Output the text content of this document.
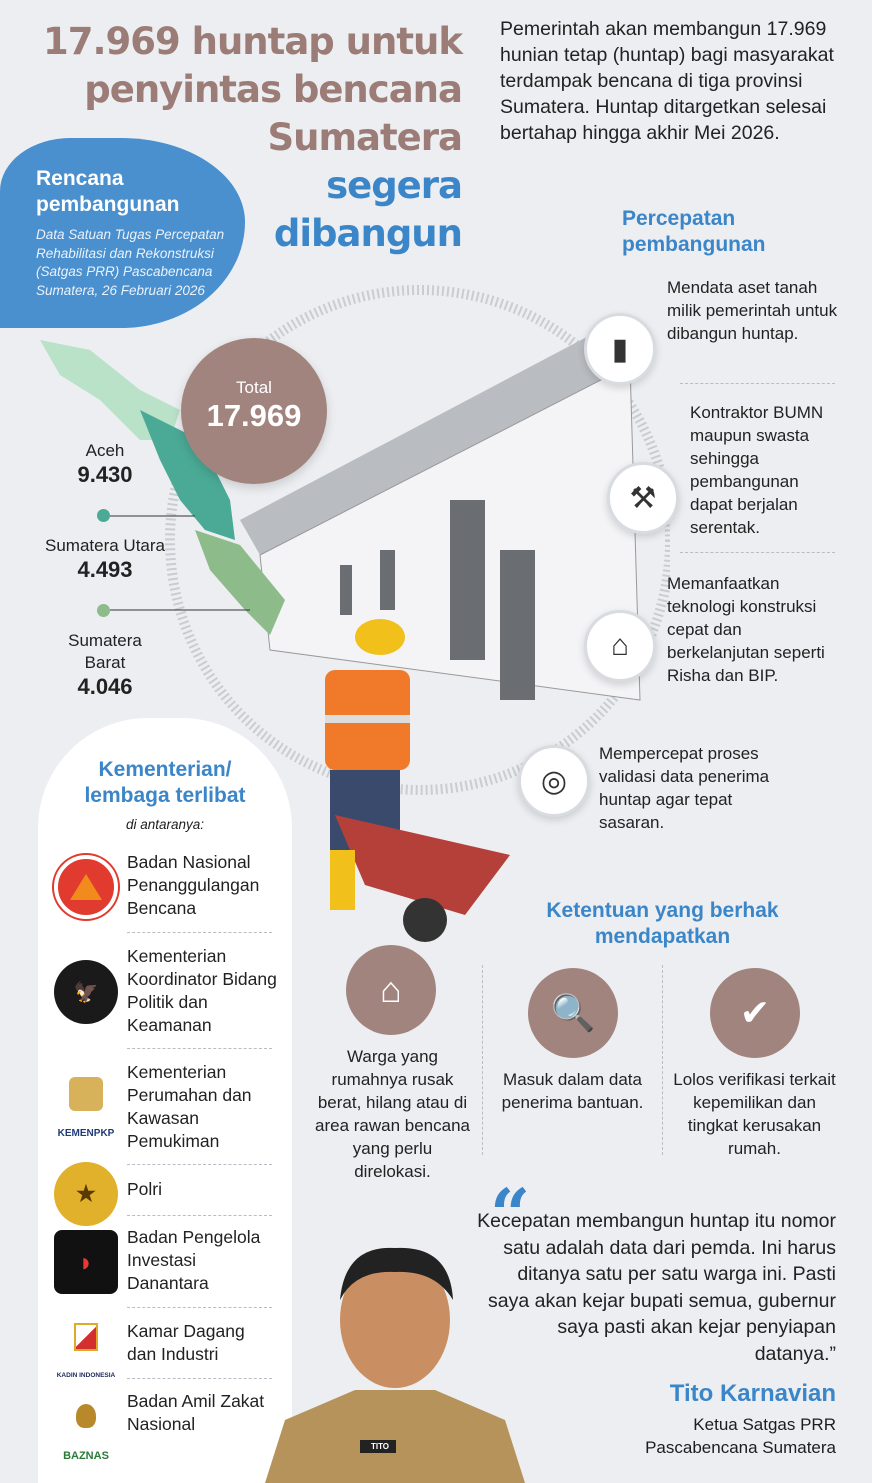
17.969 huntap untuk
penyintas bencana
Sumatera
segera
dibangun
Pemerintah akan membangun 17.969 hunian tetap (huntap) bagi masyarakat terdampak bencana di tiga provinsi Sumatera. Huntap ditargetkan selesai bertahap hingga akhir Mei 2026.
Rencana pembangunan
Data Satuan Tugas Percepatan Rehabilitasi dan Rekonstruksi (Satgas PRR) Pascabencana Sumatera, 26 Februari 2026
Total
17.969
Aceh
9.430
Sumatera Utara
4.493
Sumatera Barat
4.046
Percepatan pembangunan
▮
Mendata aset tanah milik pemerintah untuk dibangun huntap.
⚒
Kontraktor BUMN maupun swasta sehingga pembangunan dapat berjalan serentak.
⌂
Memanfaatkan teknologi konstruksi cepat dan berkelanjutan seperti Risha dan BIP.
◎
Mempercepat proses validasi data penerima huntap agar tepat sasaran.
Kementerian/ lembaga terlibat
di antaranya:
Badan Nasional Penanggulangan Bencana
🦅
Kementerian Koordinator Bidang Politik dan Keamanan
KEMENPKP
Kementerian Perumahan dan Kawasan Pemukiman
★	Polri
◗
Badan Pengelola Investasi Danantara
KADIN INDONESIA
Kamar Dagang dan Industri
BAZNAS
Badan Amil Zakat Nasional
Ketentuan yang berhak mendapatkan
⌂
Warga yang rumahnya rusak berat, hilang atau di area rawan bencana yang perlu direlokasi.
🔍
Masuk dalam data penerima bantuan.
✔
Lolos verifikasi terkait kepemilikan dan tingkat kerusakan rumah.
“
Kecepatan membangun huntap itu nomor satu adalah data dari pemda. Ini harus ditanya satu per satu warga ini. Pasti saya akan kejar bupati semua, gubernur saya pasti akan kejar penyiapan datanya.”
Tito Karnavian
Ketua Satgas PRR Pascabencana Sumatera
TITO
